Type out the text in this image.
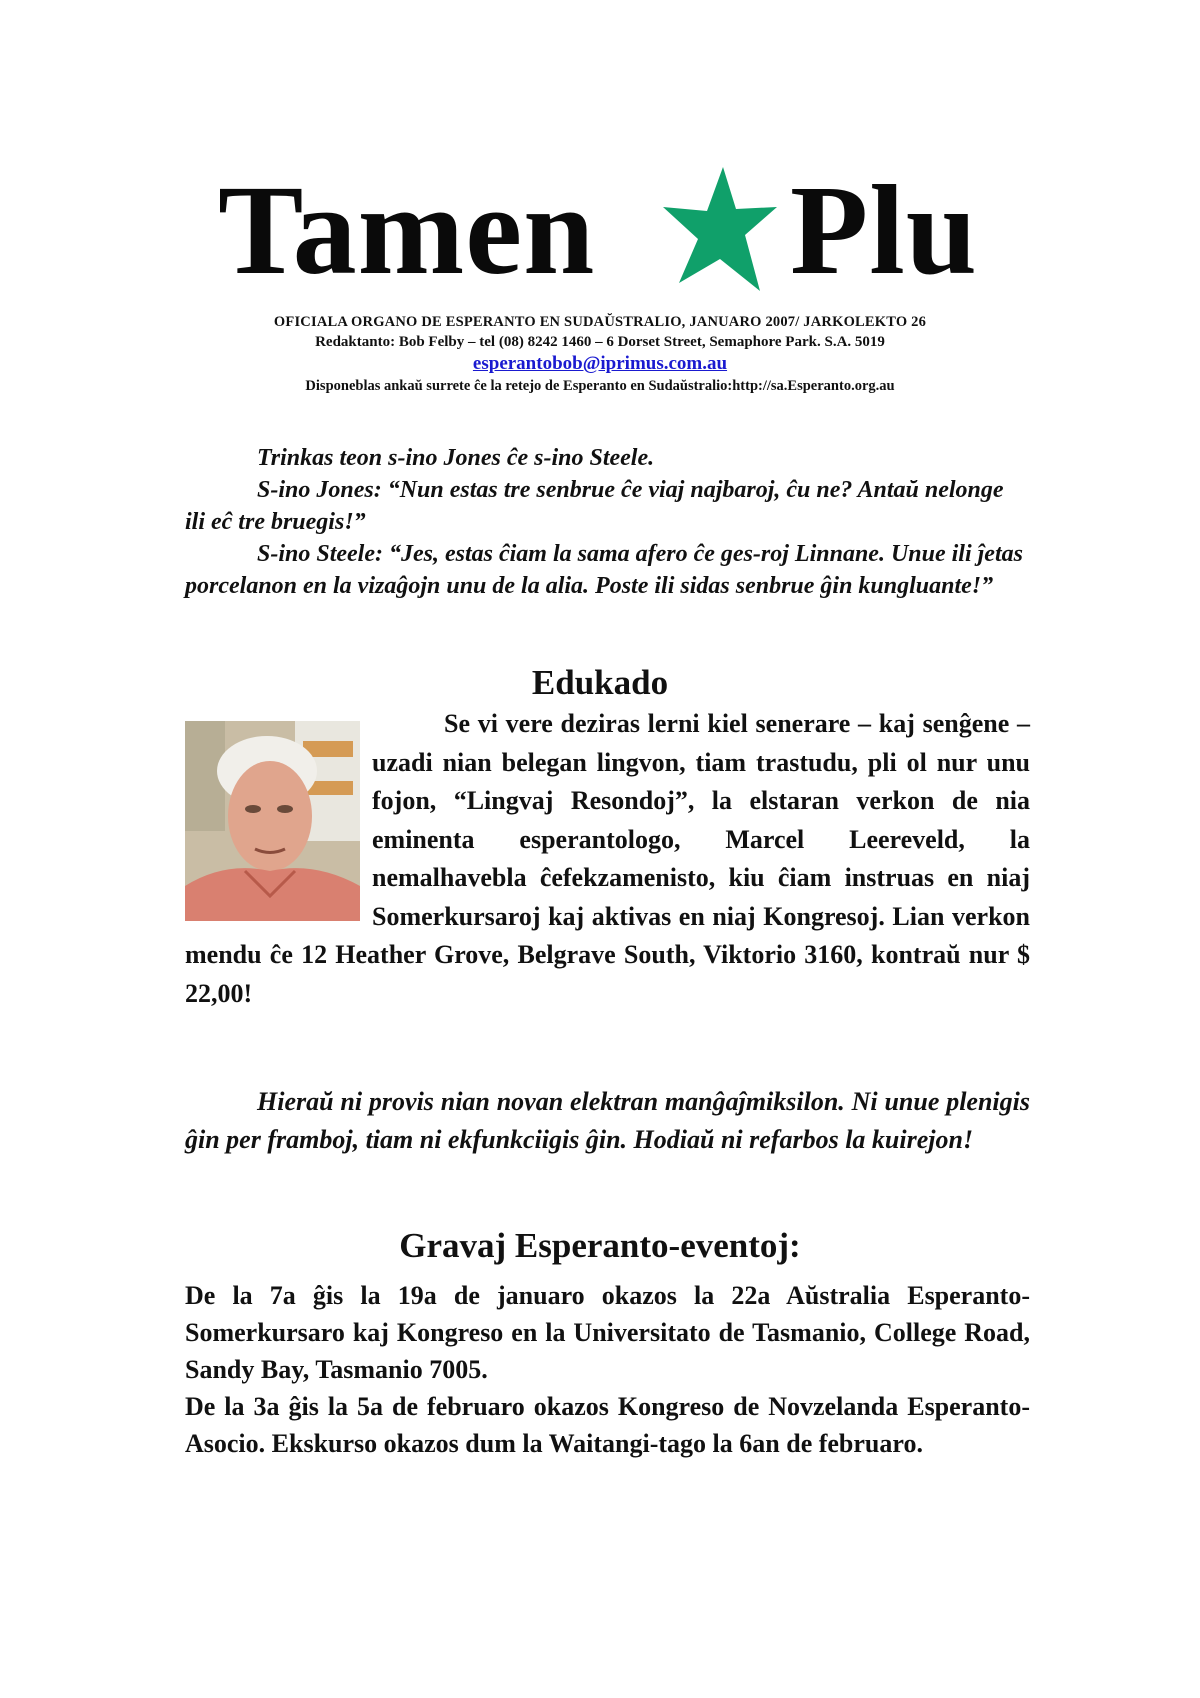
Tamen Plu
OFICIALA ORGANO DE ESPERANTO EN SUDAŬSTRALIO, JANUARO 2007/ JARKOLEKTO 26
Redaktanto: Bob Felby – tel (08) 8242 1460 – 6 Dorset Street, Semaphore Park. S.A. 5019
esperantobob@iprimus.com.au
Disponeblas ankaŭ surrete ĉe la retejo de Esperanto en Sudaŭstralio:http://sa.Esperanto.org.au

Trinkas teon s-ino Jones ĉe s-ino Steele.

S-ino Jones: “Nun estas tre senbrue ĉe viaj najbaroj, ĉu ne? Antaŭ nelonge ili eĉ tre bruegis!”

S-ino Steele: “Jes, estas ĉiam la sama afero ĉe ges-roj Linnane. Unue ili ĵetas porcelanon en la vizaĝojn unu de la alia. Poste ili sidas senbrue ĝin kungluante!”

Edukado

Se vi vere deziras lerni kiel senerare – kaj senĝene – uzadi nian belegan lingvon, tiam trastudu, pli ol nur unu fojon, “Lingvaj Resondoj”, la elstaran verkon de nia eminenta esperantologo, Marcel Leereveld, la nemalhavebla ĉefekzamenisto, kiu ĉiam instruas en niaj Somerkursaroj kaj aktivas en niaj Kongresoj. Lian verkon mendu ĉe 12 Heather Grove, Belgrave South, Viktorio 3160, kontraŭ nur $ 22,00!

Hieraŭ ni provis nian novan elektran manĝaĵmiksilon. Ni unue plenigis ĝin per framboj, tiam ni ekfunkciigis ĝin. Hodiaŭ ni refarbos la kuirejon!

Gravaj Esperanto-eventoj:

De la 7a ĝis la 19a de januaro okazos la 22a Aŭstralia Esperanto-Somerkursaro kaj Kongreso en la Universitato de Tasmanio, College Road, Sandy Bay, Tasmanio 7005.

De la 3a ĝis la 5a de februaro okazos Kongreso de Novzelanda Esperanto-Asocio. Ekskurso okazos dum la Waitangi-tago la 6an de februaro.
